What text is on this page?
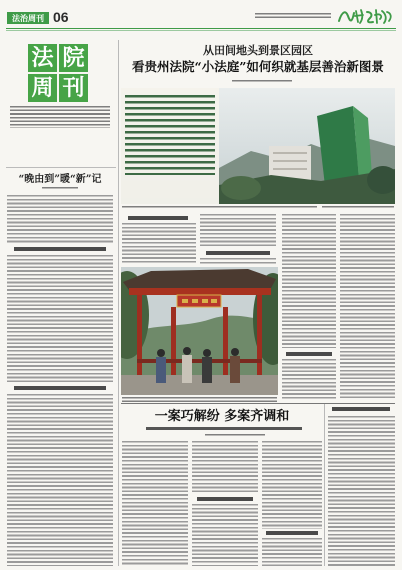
法治周刊 06
法 院
周 刊
“晚由到”暖“新”记
从田间地头到景区园区
看贵州法院“小法庭”如何织就基层善治新图景
一案巧解纷 多案齐调和
